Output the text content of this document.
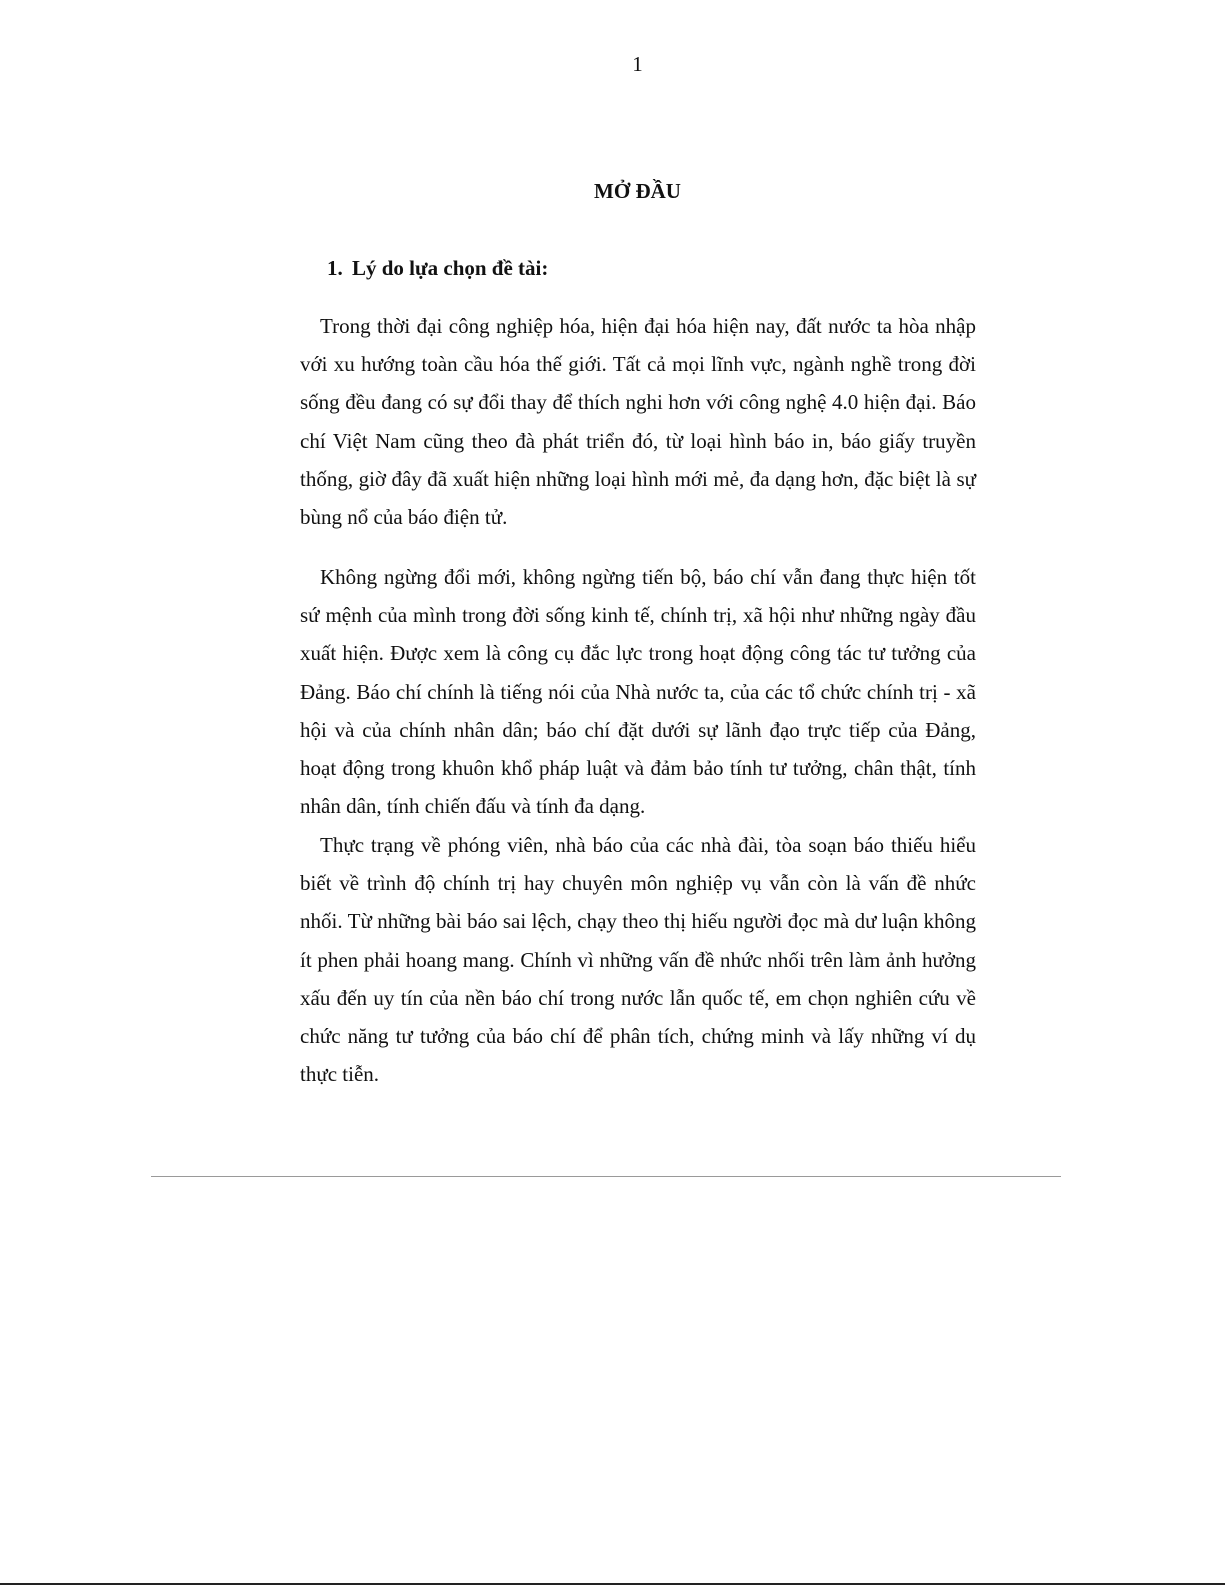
1
MỞ ĐẦU
1. Lý do lựa chọn đề tài:

Trong thời đại công nghiệp hóa, hiện đại hóa hiện nay, đất nước ta hòa nhập với xu hướng toàn cầu hóa thế giới. Tất cả mọi lĩnh vực, ngành nghề trong đời sống đều đang có sự đổi thay để thích nghi hơn với công nghệ 4.0 hiện đại. Báo chí Việt Nam cũng theo đà phát triển đó, từ loại hình báo in, báo giấy truyền thống, giờ đây đã xuất hiện những loại hình mới mẻ, đa dạng hơn, đặc biệt là sự bùng nổ của báo điện tử.

Không ngừng đổi mới, không ngừng tiến bộ, báo chí vẫn đang thực hiện tốt sứ mệnh của mình trong đời sống kinh tế, chính trị, xã hội như những ngày đầu xuất hiện. Được xem là công cụ đắc lực trong hoạt động công tác tư tưởng của Đảng. Báo chí chính là tiếng nói của Nhà nước ta, của các tổ chức chính trị - xã hội và của chính nhân dân; báo chí đặt dưới sự lãnh đạo trực tiếp của Đảng, hoạt động trong khuôn khổ pháp luật và đảm bảo tính tư tưởng, chân thật, tính nhân dân, tính chiến đấu và tính đa dạng.

Thực trạng về phóng viên, nhà báo của các nhà đài, tòa soạn báo thiếu hiểu biết về trình độ chính trị hay chuyên môn nghiệp vụ vẫn còn là vấn đề nhức nhối. Từ những bài báo sai lệch, chạy theo thị hiếu người đọc mà dư luận không ít phen phải hoang mang. Chính vì những vấn đề nhức nhối trên làm ảnh hưởng xấu đến uy tín của nền báo chí trong nước lẫn quốc tế, em chọn nghiên cứu về chức năng tư tưởng của báo chí để phân tích, chứng minh và lấy những ví dụ thực tiễn.
